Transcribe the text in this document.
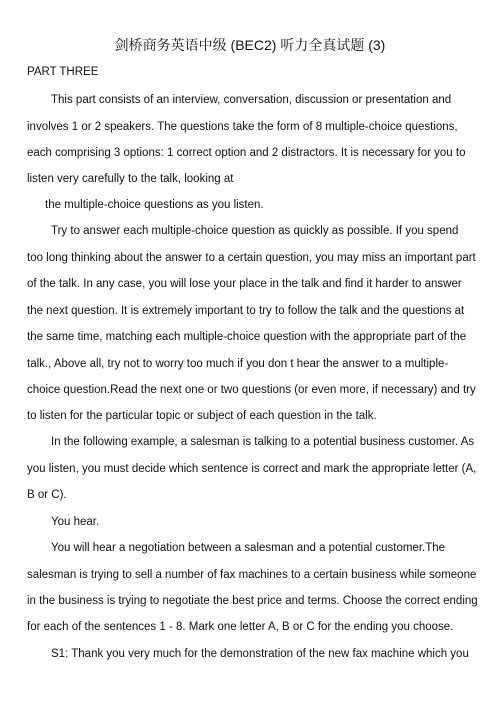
剑桥商务英语中级 (BEC2) 听力全真试题 (3)
PART THREE
This part consists of an interview, conversation, discussion or presentation and
involves 1 or 2 speakers. The questions take the form of 8 multiple-choice questions,
each comprising 3 options: 1 correct option and 2 distractors. It is necessary for you to
listen very carefully to the talk, looking at
the multiple-choice questions as you listen.
Try to answer each multiple-choice question as quickly as possible. If you spend
too long thinking about the answer to a certain question, you may miss an important part
of the talk. In any case, you will lose your place in the talk and find it harder to answer
the next question. It is extremely important to try to follow the talk and the questions at
the same time, matching each multiple-choice question with the appropriate part of the
talk., Above all, try not to worry too much if you don t hear the answer to a multiple-
choice question.Read the next one or two questions (or even more, if necessary) and try
to listen for the particular topic or subject of each question in the talk.
In the following example, a salesman is talking to a potential business customer. As
you listen, you must decide which sentence is correct and mark the appropriate letter (A,
B or C).
You hear.
You will hear a negotiation between a salesman and a potential customer.The
salesman is trying to sell a number of fax machines to a certain business while someone
in the business is trying to negotiate the best price and terms. Choose the correct ending
for each of the sentences 1 - 8. Mark one letter A, B or C for the ending you choose.
S1: Thank you very much for the demonstration of the new fax machine which you
